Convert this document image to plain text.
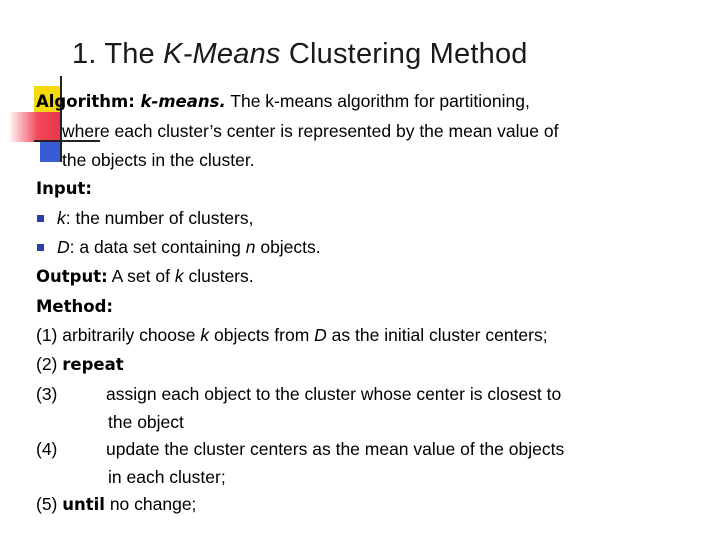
1. The K-Means Clustering Method
Algorithm: k-means. The k-means algorithm for partitioning,
where each cluster’s center is represented by the mean value of
the objects in the cluster.
Input:
k: the number of clusters,
D: a data set containing n objects.
Output: A set of k clusters.
Method:
(1) arbitrarily choose k objects from D as the initial cluster centers;
(2) repeat
(3)	assign each object to the cluster whose center is closest to
the object
(4)	update the cluster centers as the mean value of the objects
in each cluster;
(5) until no change;
